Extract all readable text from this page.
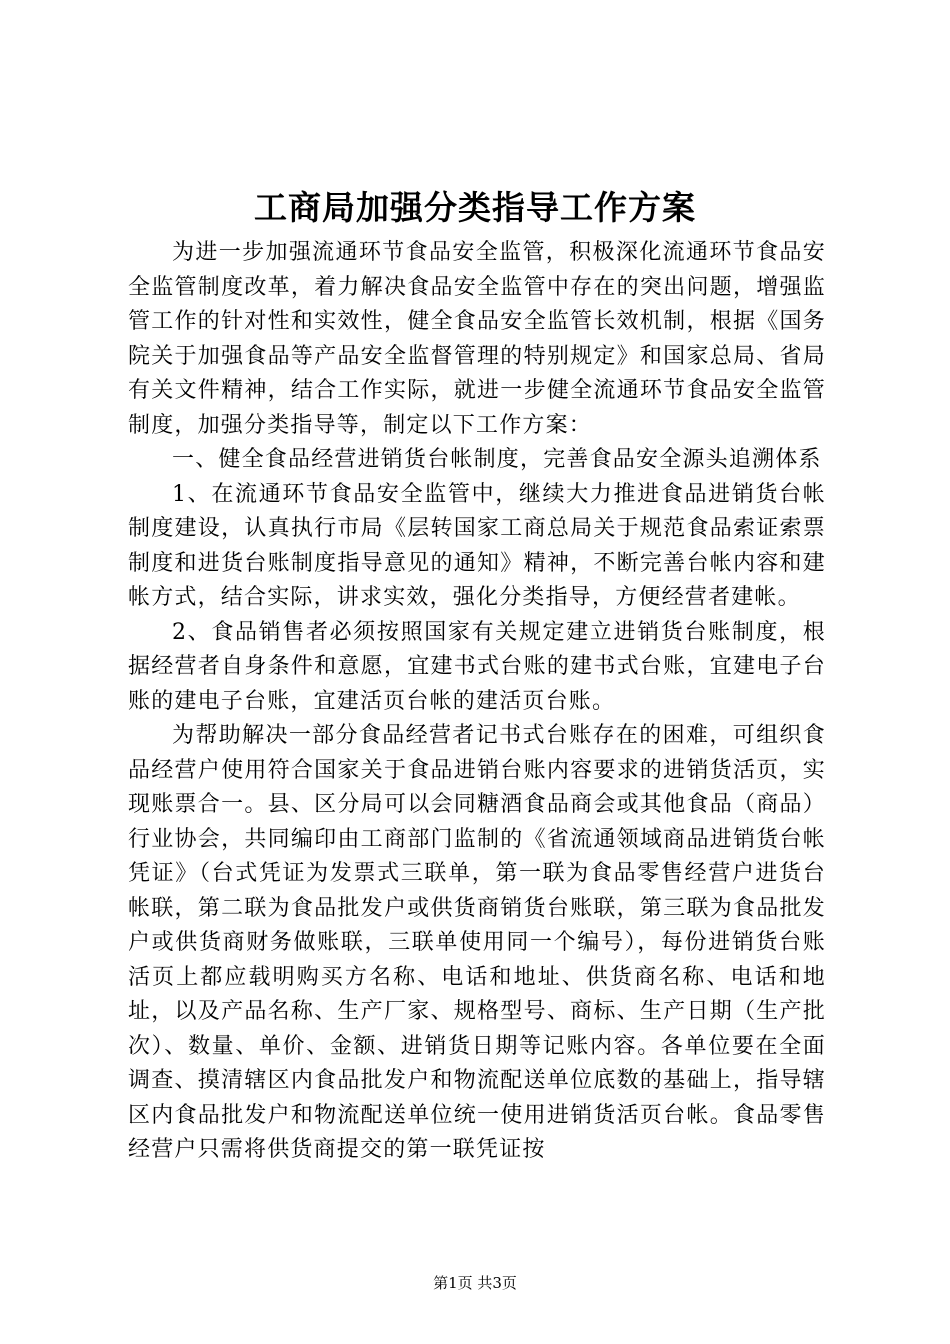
工商局加强分类指导工作方案

为进一步加强流通环节食品安全监管，积极深化流通环节食品安全监管制度改革，着力解决食品安全监管中存在的突出问题，增强监管工作的针对性和实效性，健全食品安全监管长效机制，根据《国务院关于加强食品等产品安全监督管理的特别规定》和国家总局、省局有关文件精神，结合工作实际，就进一步健全流通环节食品安全监管制度，加强分类指导等，制定以下工作方案：

一、健全食品经营进销货台帐制度，完善食品安全源头追溯体系

1、在流通环节食品安全监管中，继续大力推进食品进销货台帐制度建设，认真执行市局《层转国家工商总局关于规范食品索证索票制度和进货台账制度指导意见的通知》精神，不断完善台帐内容和建帐方式，结合实际，讲求实效，强化分类指导，方便经营者建帐。

2、食品销售者必须按照国家有关规定建立进销货台账制度，根据经营者自身条件和意愿，宜建书式台账的建书式台账，宜建电子台账的建电子台账，宜建活页台帐的建活页台账。

为帮助解决一部分食品经营者记书式台账存在的困难，可组织食品经营户使用符合国家关于食品进销台账内容要求的进销货活页，实现账票合一。县、区分局可以会同糖酒食品商会或其他食品（商品）行业协会，共同编印由工商部门监制的《省流通领域商品进销货台帐凭证》（台式凭证为发票式三联单，第一联为食品零售经营户进货台帐联，第二联为食品批发户或供货商销货台账联，第三联为食品批发户或供货商财务做账联，三联单使用同一个编号），每份进销货台账活页上都应载明购买方名称、电话和地址、供货商名称、电话和地址，以及产品名称、生产厂家、规格型号、商标、生产日期（生产批次）、数量、单价、金额、进销货日期等记账内容。各单位要在全面调查、摸清辖区内食品批发户和物流配送单位底数的基础上，指导辖区内食品批发户和物流配送单位统一使用进销货活页台帐。食品零售经营户只需将供货商提交的第一联凭证按

第1页 共3页
